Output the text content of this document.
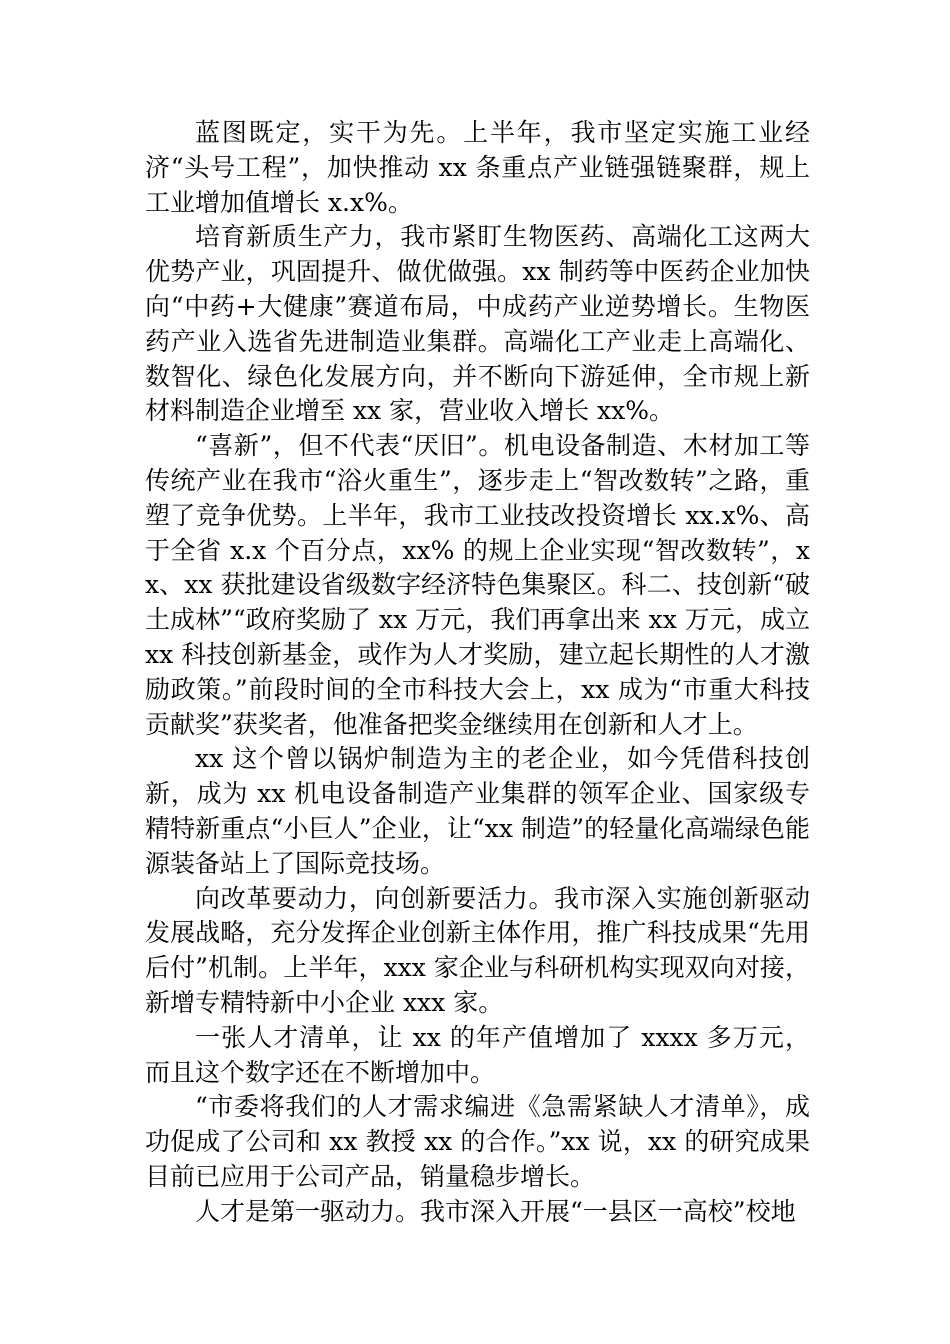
蓝图既定，实干为先。上半年，我市坚定实施工业经济“头号工程”，加快推动 xx 条重点产业链强链聚群，规上工业增加值增长 x.x%。

培育新质生产力，我市紧盯生物医药、高端化工这两大优势产业，巩固提升、做优做强。xx 制药等中医药企业加快向“中药+大健康”赛道布局，中成药产业逆势增长。生物医药产业入选省先进制造业集群。高端化工产业走上高端化、数智化、绿色化发展方向，并不断向下游延伸，全市规上新材料制造企业增至 xx 家，营业收入增长 xx%。

“喜新”，但不代表“厌旧”。机电设备制造、木材加工等传统产业在我市“浴火重生”，逐步走上“智改数转”之路，重塑了竞争优势。上半年，我市工业技改投资增长 xx.x%、高于全省 x.x 个百分点，xx% 的规上企业实现“智改数转”，xx、xx 获批建设省级数字经济特色集聚区。科二、技创新“破土成林”“政府奖励了 xx 万元，我们再拿出来 xx 万元，成立 xx 科技创新基金，或作为人才奖励，建立起长期性的人才激励政策。”前段时间的全市科技大会上，xx 成为“市重大科技贡献奖”获奖者，他准备把奖金继续用在创新和人才上。

xx 这个曾以锅炉制造为主的老企业，如今凭借科技创新，成为 xx 机电设备制造产业集群的领军企业、国家级专精特新重点“小巨人”企业，让“xx 制造”的轻量化高端绿色能源装备站上了国际竞技场。

向改革要动力，向创新要活力。我市深入实施创新驱动发展战略，充分发挥企业创新主体作用，推广科技成果“先用后付”机制。上半年，xxx 家企业与科研机构实现双向对接，新增专精特新中小企业 xxx 家。

一张人才清单，让 xx 的年产值增加了 xxxx 多万元，而且这个数字还在不断增加中。

“市委将我们的人才需求编进《急需紧缺人才清单》，成功促成了公司和 xx 教授 xx 的合作。”xx 说，xx 的研究成果目前已应用于公司产品，销量稳步增长。

人才是第一驱动力。我市深入开展“一县区一高校”校地
